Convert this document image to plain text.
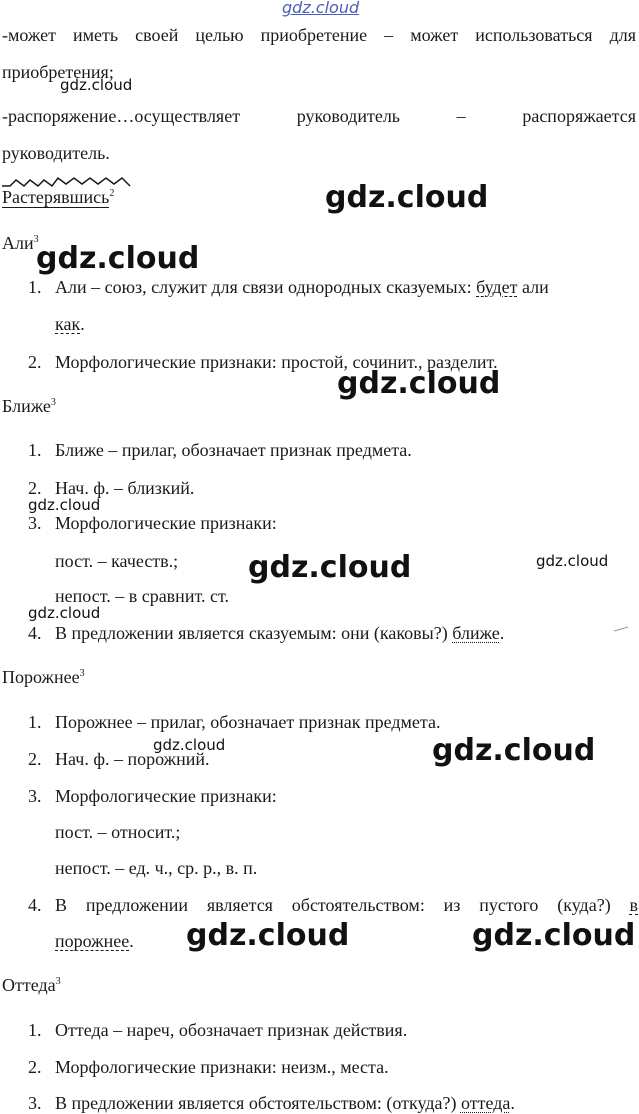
gdz.cloud
-может иметь своей целью приобретение – может использоваться для
приобретения;
-распоряжение…осуществляет	руководитель	–	распоряжается
руководитель.
Растерявшись$^2$
Али$^3$
1. Али – союз, служит для связи однородных сказуемых: будет али
как.
2. Морфологические признаки: простой, сочинит., разделит.
Ближе$^3$
1. Ближе – прилаг, обозначает признак предмета.
2. Нач. ф. – близкий.
3. Морфологические признаки:
пост. – качеств.;
непост. – в сравнит. ст.
4. В предложении является сказуемым: они (каковы?) ближе.
Порожнее$^3$
1. Порожнее – прилаг, обозначает признак предмета.
2. Нач. ф. – порожний.
3. Морфологические признаки:
пост. – относит.;
непост. – ед. ч., ср. р., в. п.
4. В предложении является обстоятельством: из пустого (куда?) в
порожнее.
Оттеда$^3$
1. Оттеда – нареч, обозначает признак действия.
2. Морфологические признаки: неизм., места.
3. В предложении является обстоятельством: (откуда?) оттеда.
gdz.cloud
gdz.cloud
gdz.cloud
gdz.cloud
gdz.cloud
gdz.cloud	gdz.cloud
gdz.cloud
gdz.cloud	gdz.cloud
gdz.cloud	gdz.cloud
